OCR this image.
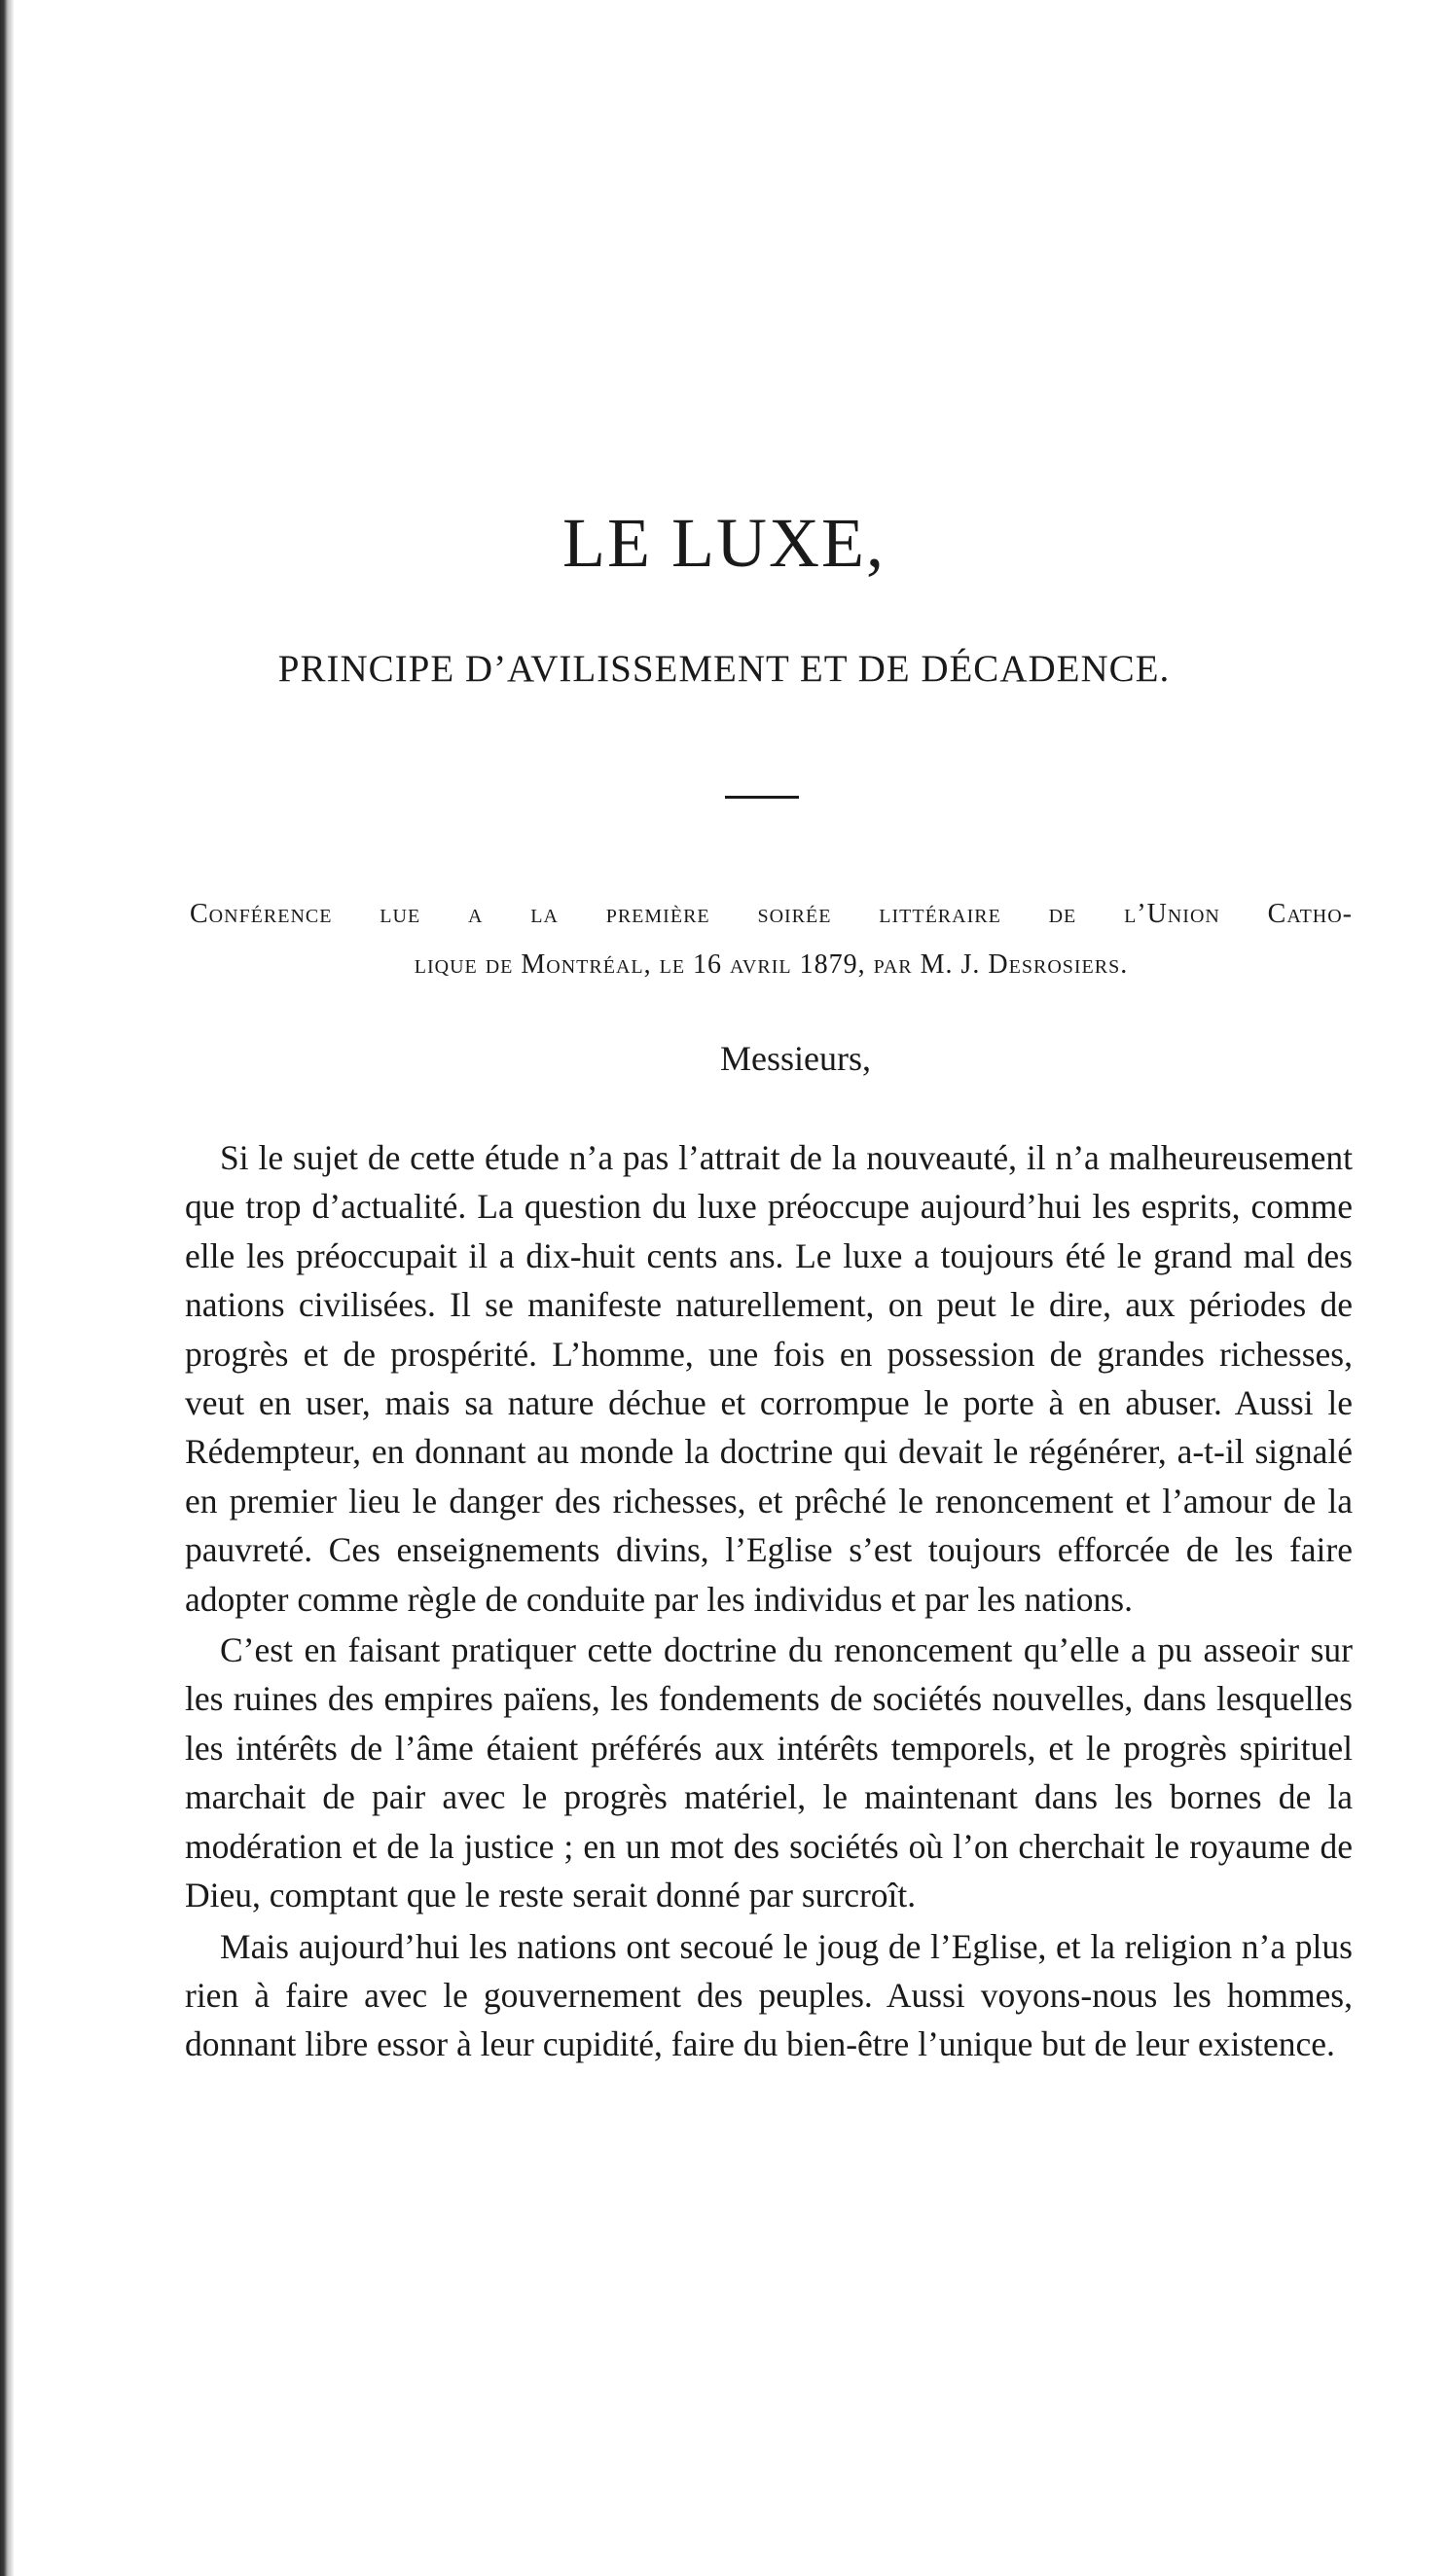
LE LUXE,
PRINCIPE D’AVILISSEMENT ET DE DÉCADENCE.
Conférence lue a la première soirée littéraire de l’Union Catho-
lique de Montréal, le 16 avril 1879, par M. J. Desrosiers.
Messieurs,

Si le sujet de cette étude n’a pas l’attrait de la nouveauté, il n’a malheureusement que trop d’actualité. La question du luxe préoccupe aujourd’hui les esprits, comme elle les préoccupait il a dix-huit cents ans. Le luxe a toujours été le grand mal des nations civilisées. Il se manifeste naturellement, on peut le dire, aux périodes de progrès et de prospérité. L’homme, une fois en possession de grandes richesses, veut en user, mais sa nature déchue et corrompue le porte à en abuser. Aussi le Rédempteur, en donnant au monde la doctrine qui devait le régénérer, a-t-il signalé en premier lieu le danger des richesses, et prêché le renoncement et l’amour de la pauvreté. Ces enseignements divins, l’Eglise s’est toujours efforcée de les faire adopter comme règle de conduite par les individus et par les nations.

C’est en faisant pratiquer cette doctrine du renoncement qu’elle a pu asseoir sur les ruines des empires païens, les fondements de sociétés nouvelles, dans lesquelles les intérêts de l’âme étaient préférés aux intérêts temporels, et le progrès spirituel marchait de pair avec le progrès matériel, le maintenant dans les bornes de la modération et de la justice ; en un mot des sociétés où l’on cherchait le royaume de Dieu, comptant que le reste serait donné par surcroît.

Mais aujourd’hui les nations ont secoué le joug de l’Eglise, et la religion n’a plus rien à faire avec le gouvernement des peuples. Aussi voyons-nous les hommes, donnant libre essor à leur cupidité, faire du bien-être l’unique but de leur existence.
